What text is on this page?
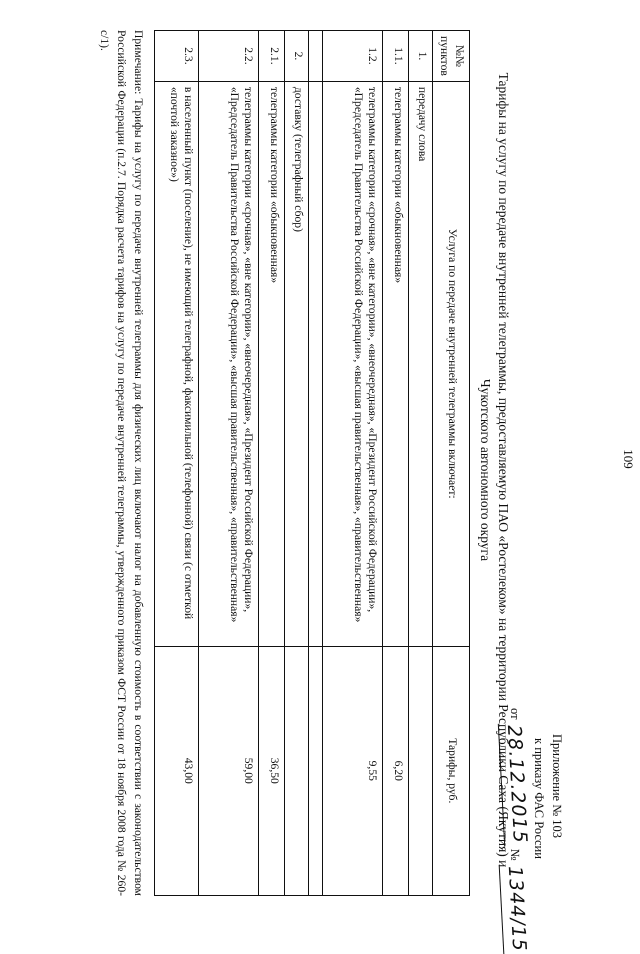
109
Приложение № 103
к приказу ФАС России
от 28.12.2015 № 1344/15
Тарифы на услугу по передаче внутренней телеграммы, предоставляемую ПАО «Ростелеком» на территории Республики Саха (Якутия) и Чукотского автономного округа
№№ пунктов	Услуга по передаче внутренней телеграммы включает:	Тарифы, руб.
1.	передачу слова	
1.1.	телеграммы категории «обыкновенная»	6,20
1.2.	телеграммы категории «срочная», «вне категории», «внеочередная», «Президент Российской Федерации», «Председатель Правительства Российской Федерации», «высшая правительственная», «правительственная»	9,55

2.	доставку (телеграфный сбор)	
2.1.	телеграммы категории «обыкновенная»	36,50
2.2.	телеграммы категории «срочная», «вне категории», «внеочередная», «Президент Российской Федерации», «Председатель Правительства Российской Федерации», «высшая правительственная», «правительственная»	59,00
2.3.	в населенный пункт (поселение), не имеющий телеграфной, факсимильной (телефонной) связи (с отметкой «почтой заказное»)	43,00
Примечание: Тарифы на услугу по передаче внутренней телеграммы для физических лиц включают налог на добавленную стоимость в соответствии с законодательством Российской Федерации (п.2.7. Порядка расчета тарифов на услугу по передаче внутренней телеграммы, утвержденного приказом ФСТ России от 18 ноября 2008 года № 260-с/1).
